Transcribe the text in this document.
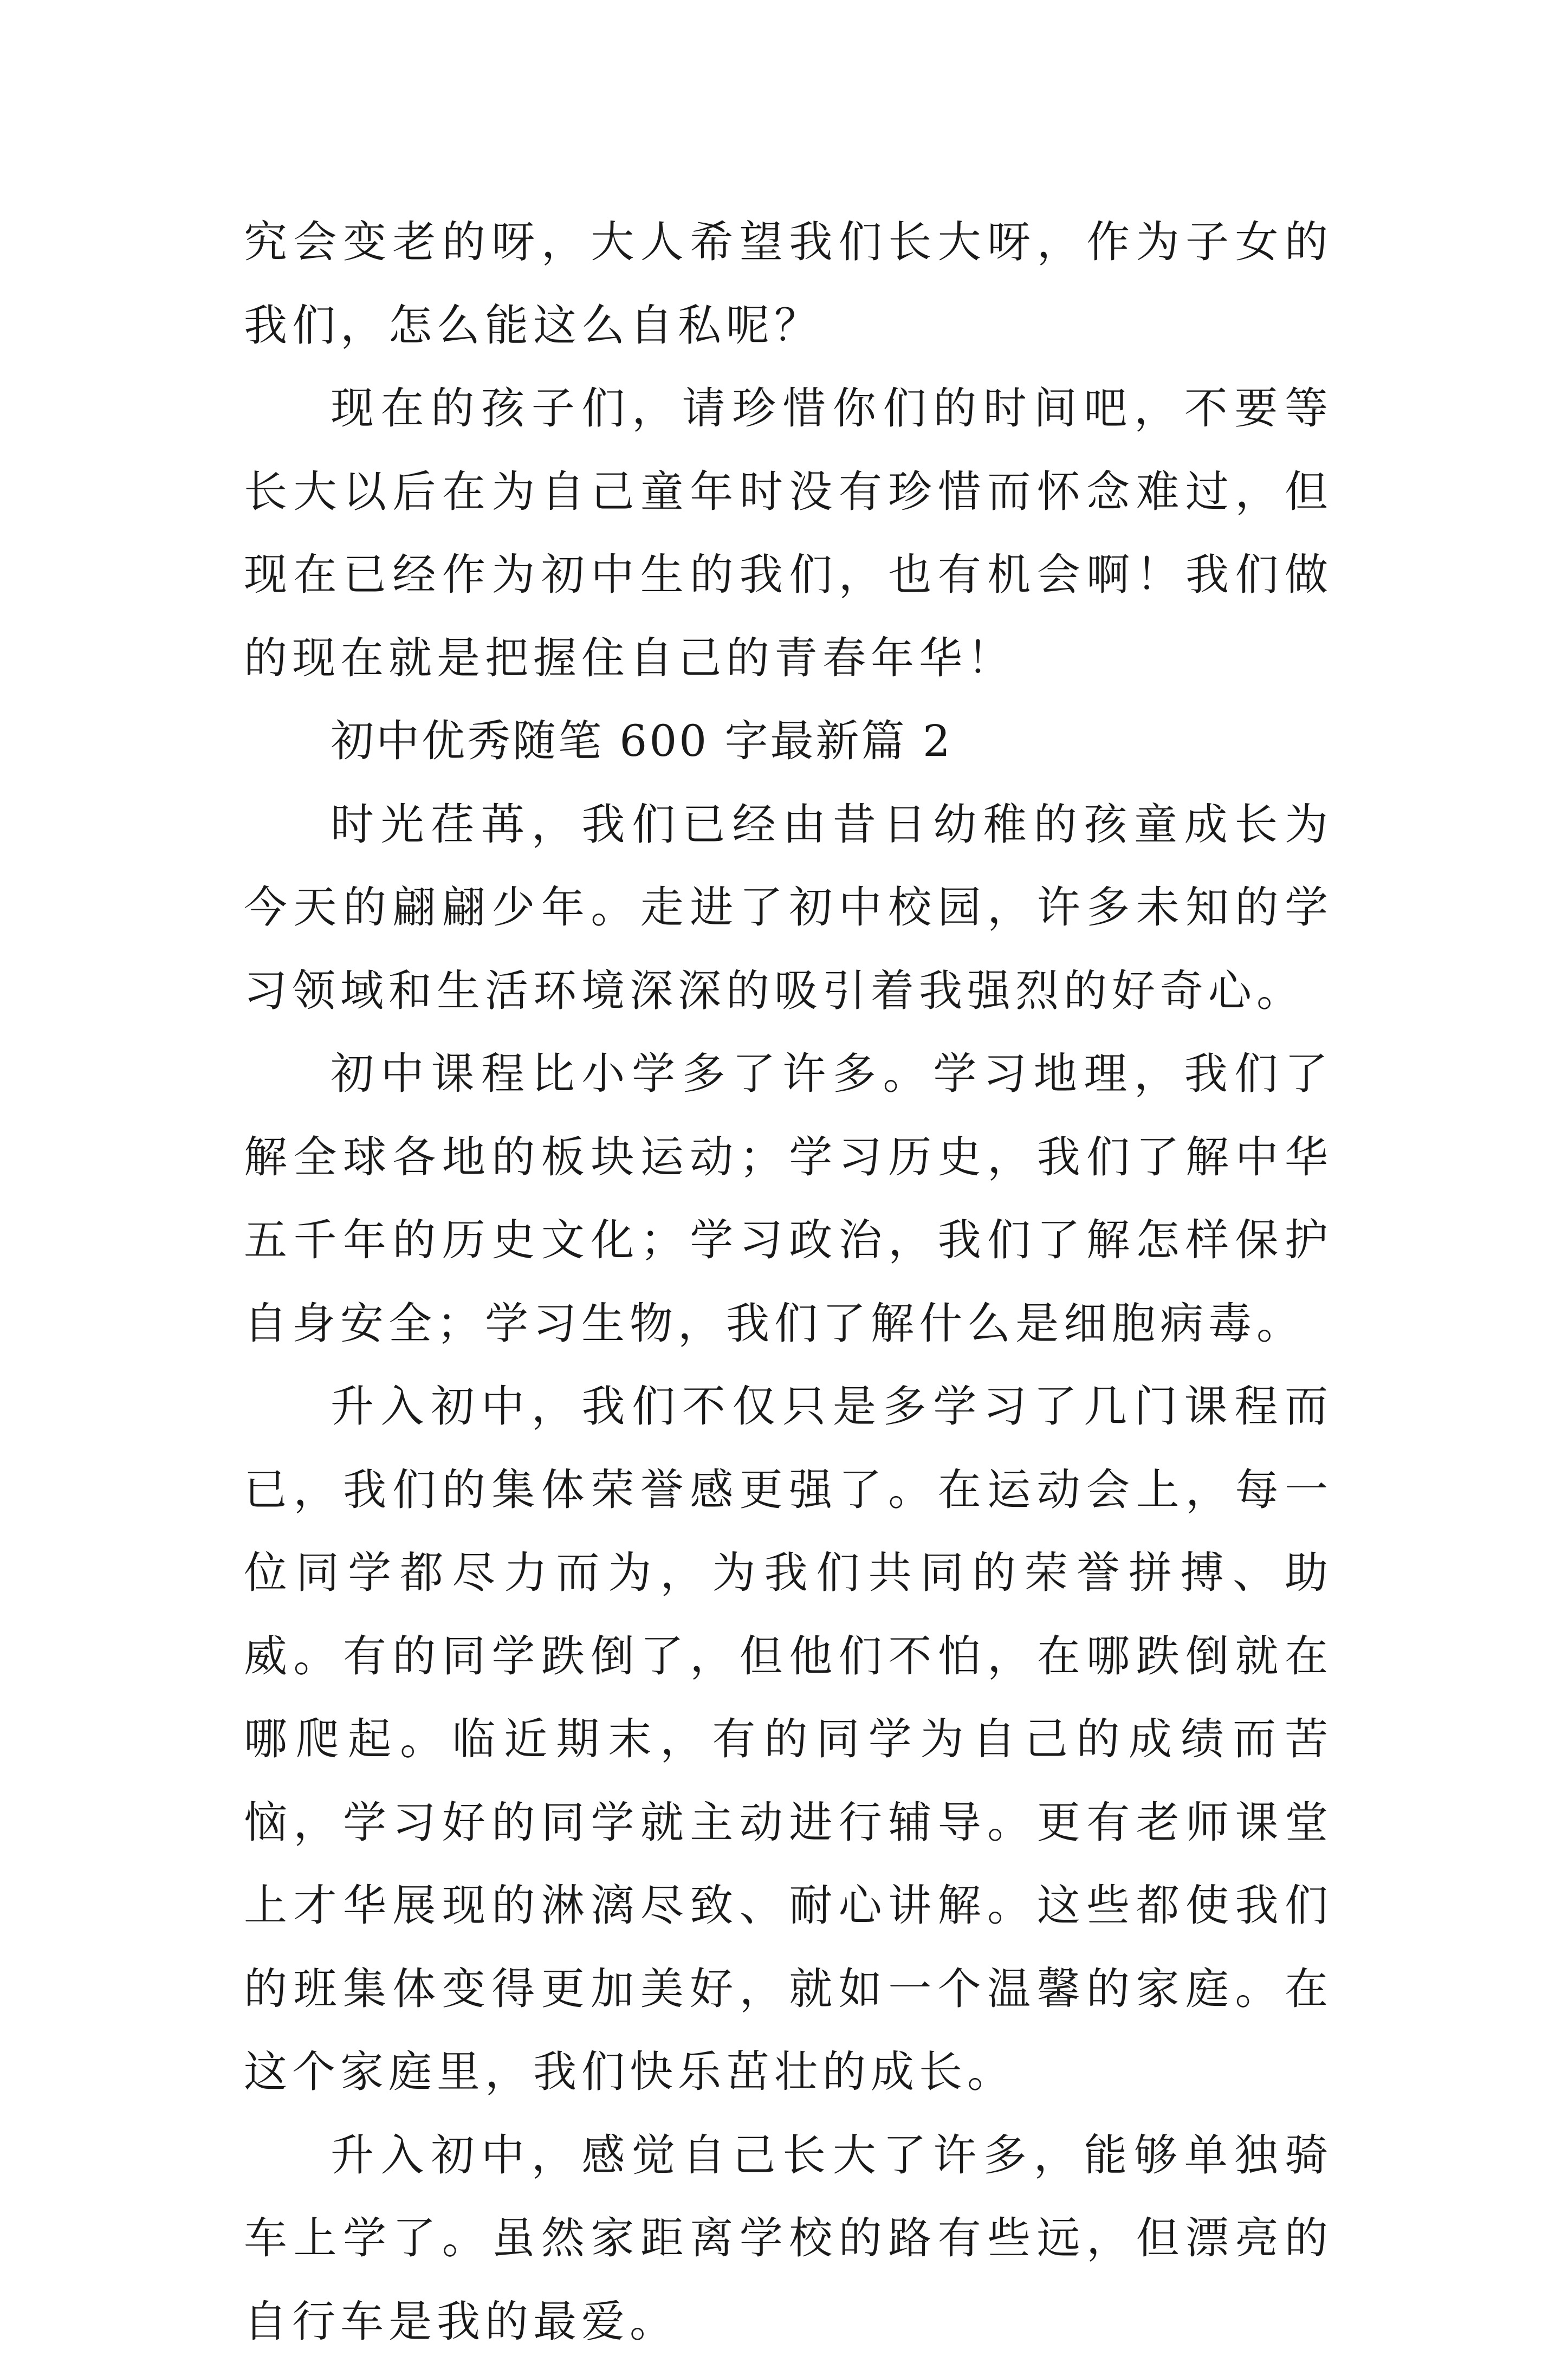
究会变老的呀，大人希望我们长大呀，作为子女的我们，怎么能这么自私呢？

现在的孩子们，请珍惜你们的时间吧，不要等长大以后在为自己童年时没有珍惜而怀念难过，但现在已经作为初中生的我们，也有机会啊！我们做的现在就是把握住自己的青春年华！

初中优秀随笔 600 字最新篇 2

时光荏苒，我们已经由昔日幼稚的孩童成长为今天的翩翩少年。走进了初中校园，许多未知的学习领域和生活环境深深的吸引着我强烈的好奇心。

初中课程比小学多了许多。学习地理，我们了解全球各地的板块运动；学习历史，我们了解中华五千年的历史文化；学习政治，我们了解怎样保护自身安全；学习生物，我们了解什么是细胞病毒。

升入初中，我们不仅只是多学习了几门课程而已，我们的集体荣誉感更强了。在运动会上，每一位同学都尽力而为，为我们共同的荣誉拼搏、助威。有的同学跌倒了，但他们不怕，在哪跌倒就在哪爬起。临近期末，有的同学为自己的成绩而苦恼，学习好的同学就主动进行辅导。更有老师课堂上才华展现的淋漓尽致、耐心讲解。这些都使我们的班集体变得更加美好，就如一个温馨的家庭。在这个家庭里，我们快乐茁壮的成长。

升入初中，感觉自己长大了许多，能够单独骑车上学了。虽然家距离学校的路有些远，但漂亮的自行车是我的最爱。
